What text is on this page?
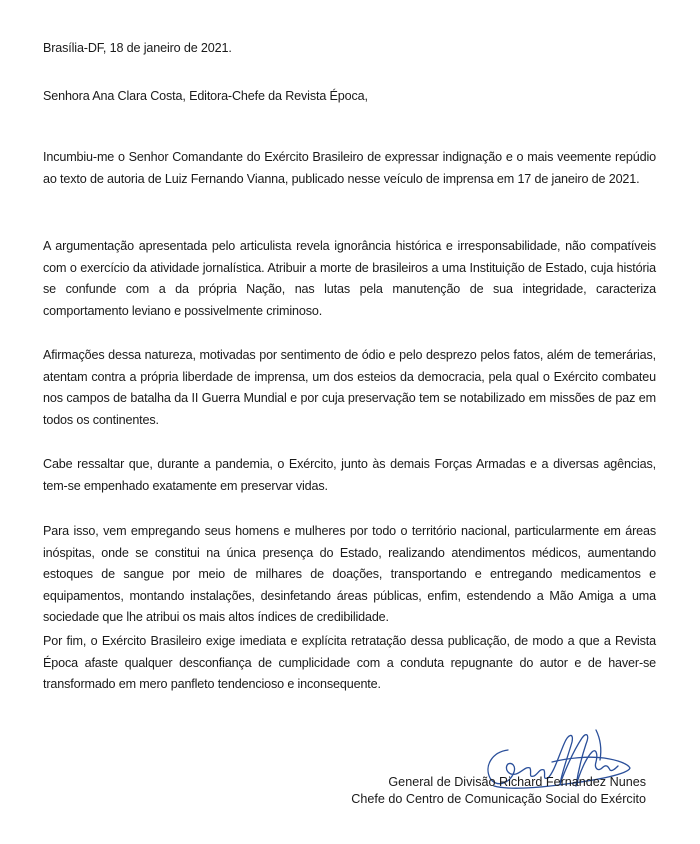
Brasília-DF, 18 de janeiro de 2021.
Senhora Ana Clara Costa, Editora-Chefe da Revista Época,
Incumbiu-me o Senhor Comandante do Exército Brasileiro de expressar indignação e o mais veemente repúdio ao texto de autoria de Luiz Fernando Vianna, publicado nesse veículo de imprensa em 17 de janeiro de 2021.
A argumentação apresentada pelo articulista revela ignorância histórica e irresponsabilidade, não compatíveis com o exercício da atividade jornalística. Atribuir a morte de brasileiros a uma Instituição de Estado, cuja história se confunde com a da própria Nação, nas lutas pela manutenção de sua integridade, caracteriza comportamento leviano e possivelmente criminoso.
Afirmações dessa natureza, motivadas por sentimento de ódio e pelo desprezo pelos fatos, além de temerárias, atentam contra a própria liberdade de imprensa, um dos esteios da democracia, pela qual o Exército combateu nos campos de batalha da II Guerra Mundial e por cuja preservação tem se notabilizado em missões de paz em todos os continentes.
Cabe ressaltar que, durante a pandemia, o Exército, junto às demais Forças Armadas e a diversas agências, tem-se empenhado exatamente em preservar vidas.
Para isso, vem empregando seus homens e mulheres por todo o território nacional, particularmente em áreas inóspitas, onde se constitui na única presença do Estado, realizando atendimentos médicos, aumentando estoques de sangue por meio de milhares de doações, transportando e entregando medicamentos e equipamentos, montando instalações, desinfetando áreas públicas, enfim, estendendo a Mão Amiga a uma sociedade que lhe atribui os mais altos índices de credibilidade.
Por fim, o Exército Brasileiro exige imediata e explícita retratação dessa publicação, de modo a que a Revista Época afaste qualquer desconfiança de cumplicidade com a conduta repugnante do autor e de haver-se transformado em mero panfleto tendencioso e inconsequente.
General de Divisão Richard Fernandez Nunes
Chefe do Centro de Comunicação Social do Exército
